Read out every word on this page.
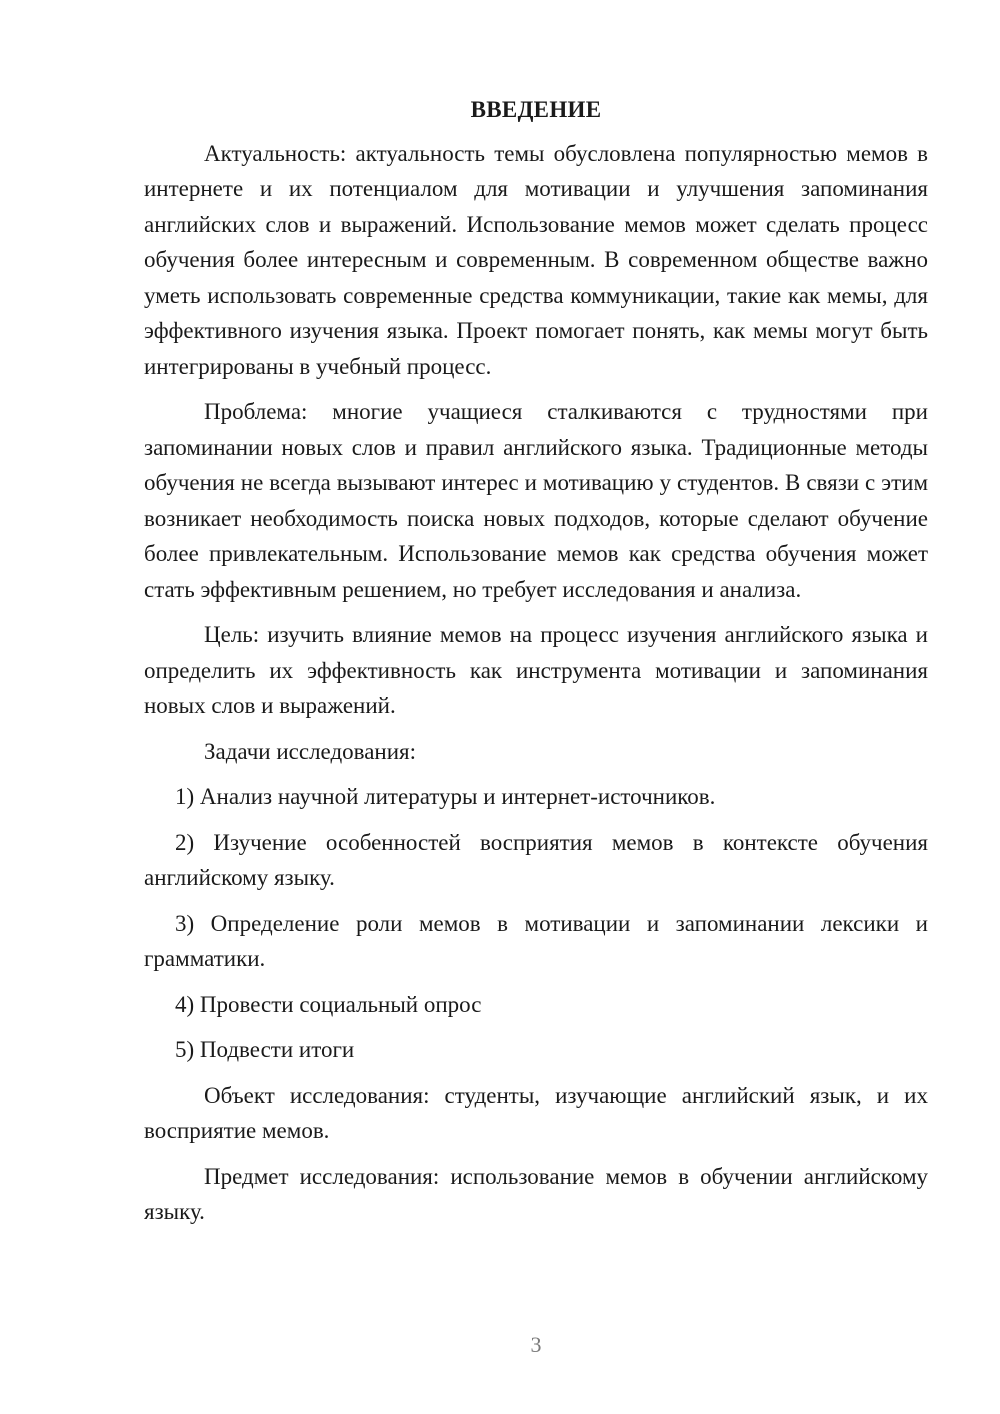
ВВЕДЕНИЕ

Актуальность: актуальность темы обусловлена популярностью мемов в интернете и их потенциалом для мотивации и улучшения запоминания английских слов и выражений. Использование мемов может сделать процесс обучения более интересным и современным. В современном обществе важно уметь использовать современные средства коммуникации, такие как мемы, для эффективного изучения языка. Проект помогает понять, как мемы могут быть интегрированы в учебный процесс.

Проблема: многие учащиеся сталкиваются с трудностями при запоминании новых слов и правил английского языка. Традиционные методы обучения не всегда вызывают интерес и мотивацию у студентов. В связи с этим возникает необходимость поиска новых подходов, которые сделают обучение более привлекательным. Использование мемов как средства обучения может стать эффективным решением, но требует исследования и анализа.

Цель: изучить влияние мемов на процесс изучения английского языка и определить их эффективность как инструмента мотивации и запоминания новых слов и выражений.

Задачи исследования:

1) Анализ научной литературы и интернет-источников.

2) Изучение особенностей восприятия мемов в контексте обучения английскому языку.

3) Определение роли мемов в мотивации и запоминании лексики и грамматики.

4) Провести социальный опрос

5) Подвести итоги

Объект исследования: студенты, изучающие английский язык, и их восприятие мемов.

Предмет исследования: использование мемов в обучении английскому языку.

3
